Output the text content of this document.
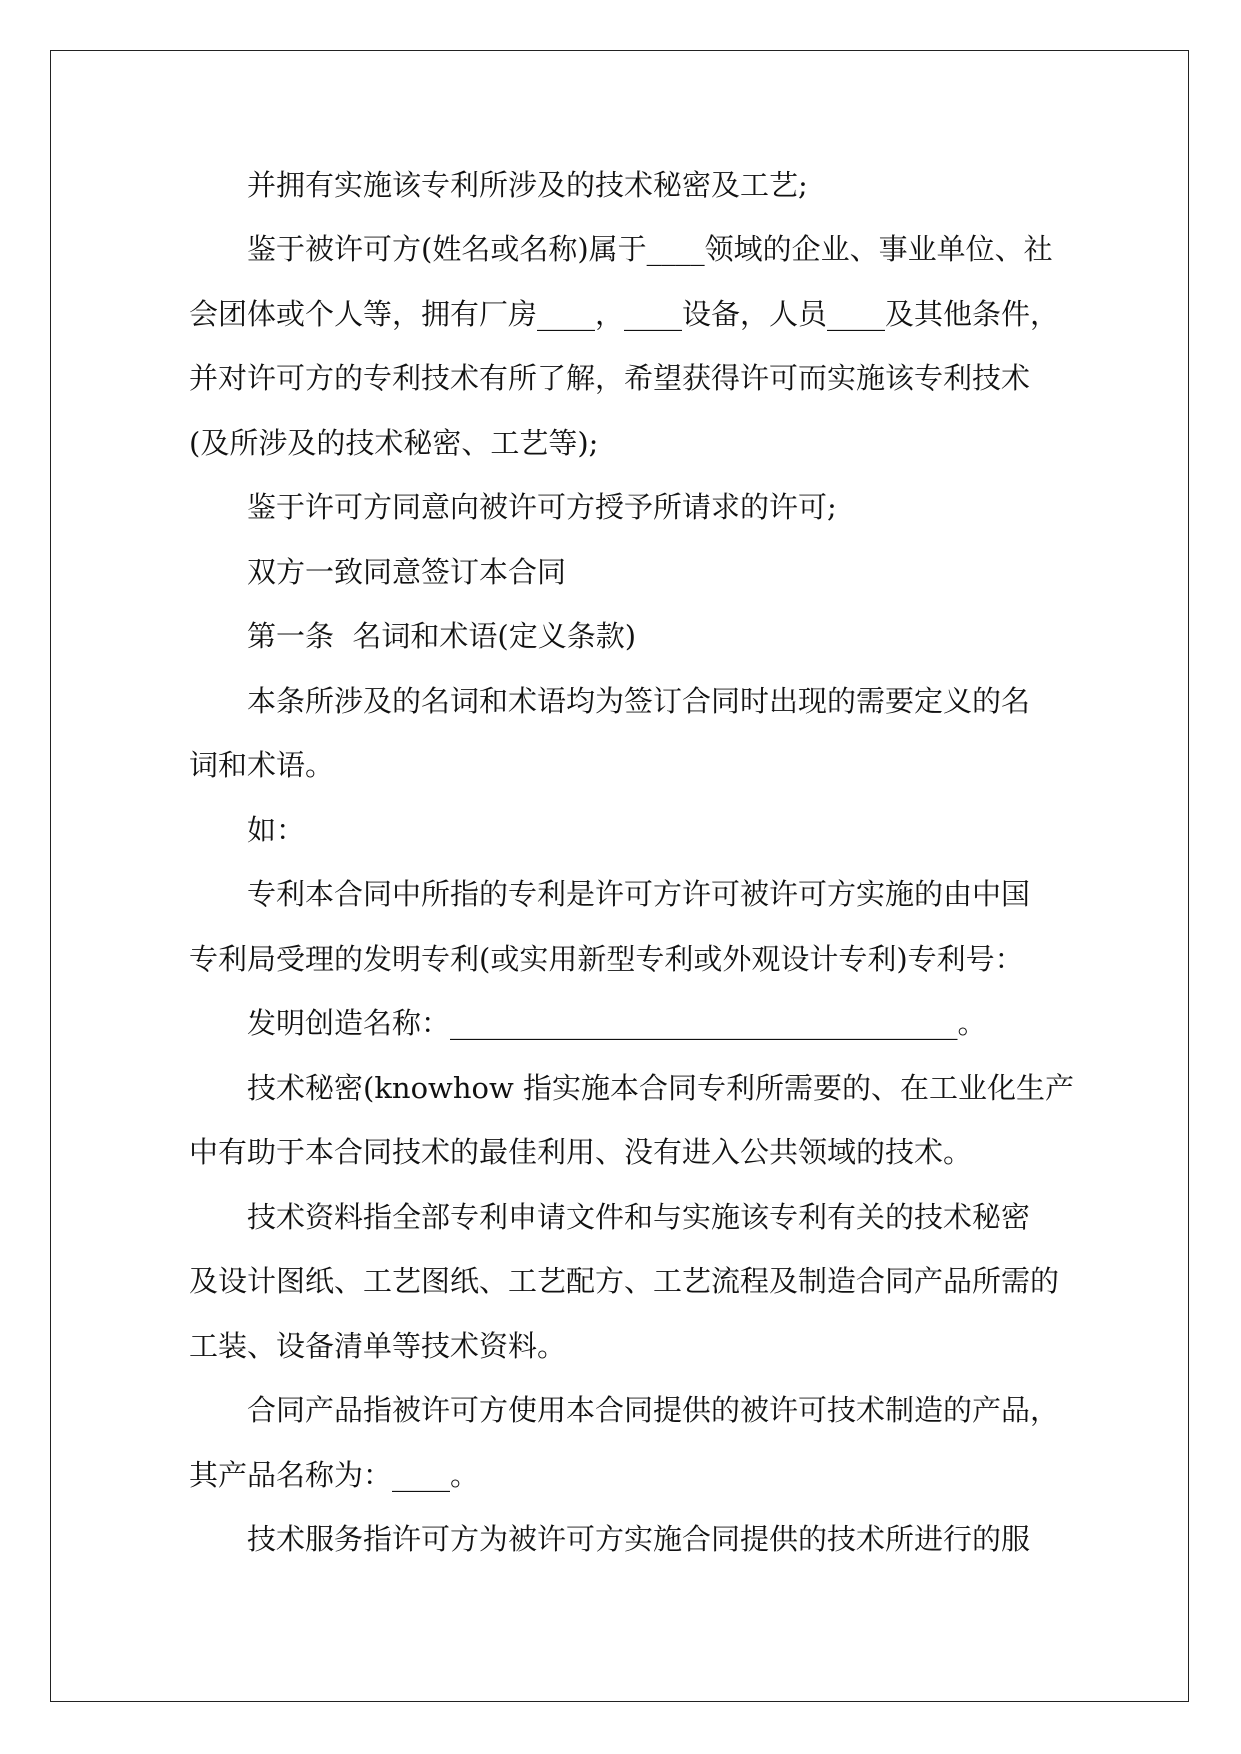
并拥有实施该专利所涉及的技术秘密及工艺;
鉴于被许可方(姓名或名称)属于____领域的企业、事业单位、社
会团体或个人等，拥有厂房____，____设备，人员____及其他条件，
并对许可方的专利技术有所了解，希望获得许可而实施该专利技术
(及所涉及的技术秘密、工艺等);
鉴于许可方同意向被许可方授予所请求的许可;
双方一致同意签订本合同
第一条  名词和术语(定义条款)
本条所涉及的名词和术语均为签订合同时出现的需要定义的名
词和术语。
如：
专利本合同中所指的专利是许可方许可被许可方实施的由中国
专利局受理的发明专利(或实用新型专利或外观设计专利)专利号：
发明创造名称：___________________________________。
技术秘密(knowhow 指实施本合同专利所需要的、在工业化生产
中有助于本合同技术的最佳利用、没有进入公共领域的技术。
技术资料指全部专利申请文件和与实施该专利有关的技术秘密
及设计图纸、工艺图纸、工艺配方、工艺流程及制造合同产品所需的
工装、设备清单等技术资料。
合同产品指被许可方使用本合同提供的被许可技术制造的产品，
其产品名称为：____。
技术服务指许可方为被许可方实施合同提供的技术所进行的服
